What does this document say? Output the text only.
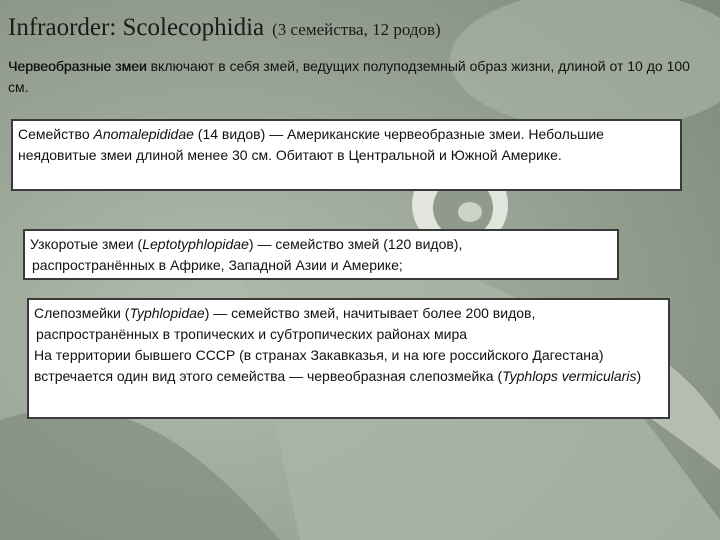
Infraorder: Scolecophidia (3 семейства, 12 родов)

Червеобразные змеи включают в себя змей, ведущих полуподземный образ жизни, длиной от 10 до 100 см.

Семейство Anomalepididae (14 видов) — Американские червеобразные змеи. Небольшие неядовитые змеи длиной менее 30 см. Обитают в Центральной и Южной Америке.

Узкоротые змеи (Leptotyphlopidae) — семейство змей (120 видов),

распространённых в Африке, Западной Азии и Америке;

Слепозмейки (Typhlopidae) — семейство змей, начитывает более 200 видов,

распространённых в тропических и субтропических районах мира

На территории бывшего СССР (в странах Закавказья, и на юге российского Дагестана) встречается один вид этого семейства — червеобразная слепозмейка (Typhlops vermicularis)
